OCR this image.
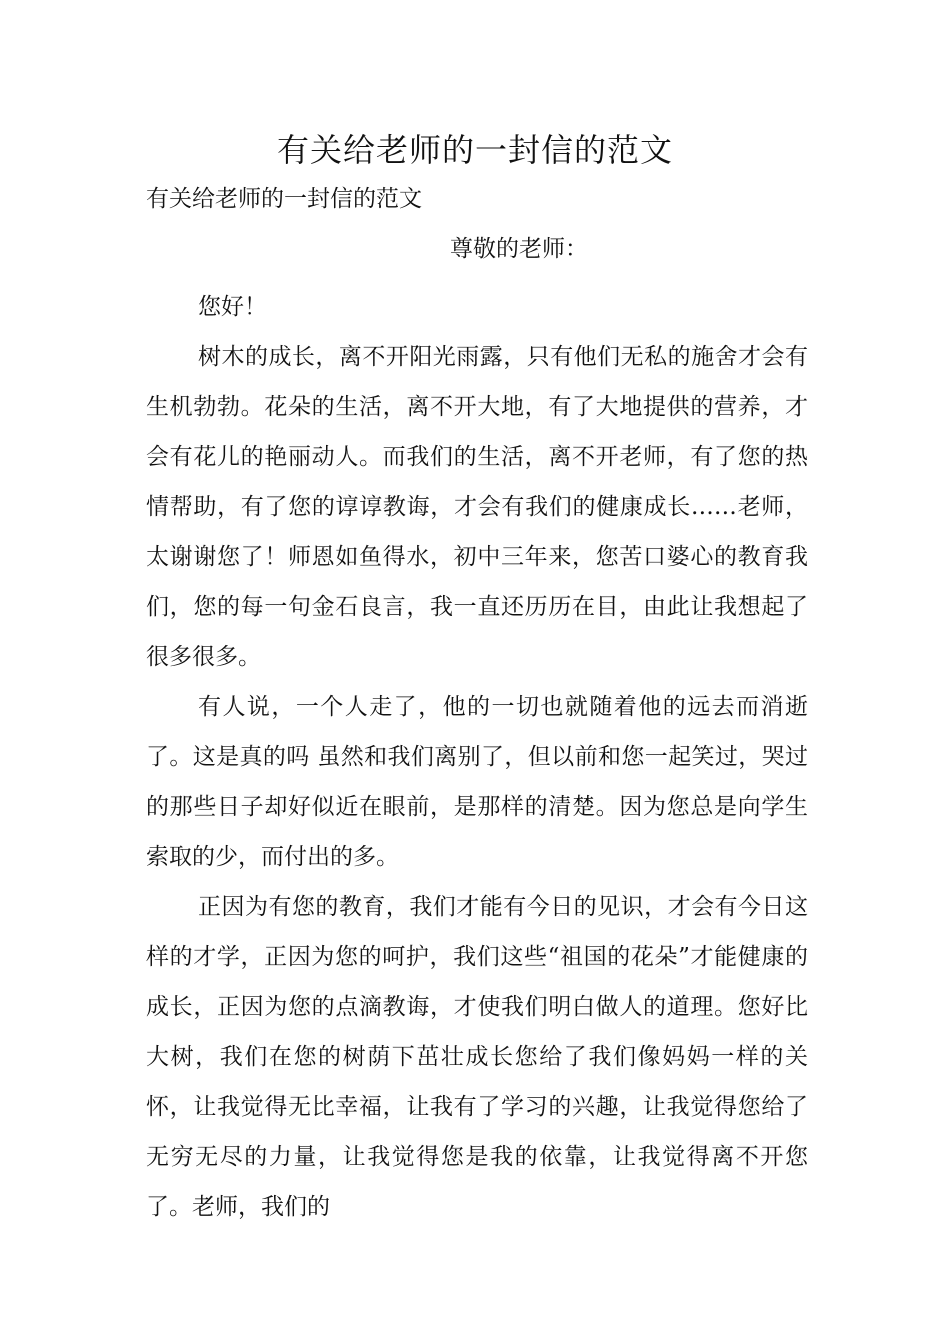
有关给老师的一封信的范文

有关给老师的一封信的范文

尊敬的老师：

您好！

树木的成长，离不开阳光雨露，只有他们无私的施舍才会有生机勃勃。花朵的生活，离不开大地，有了大地提供的营养，才会有花儿的艳丽动人。而我们的生活，离不开老师，有了您的热情帮助，有了您的谆谆教诲，才会有我们的健康成长……老师，太谢谢您了！师恩如鱼得水，初中三年来，您苦口婆心的教育我们，您的每一句金石良言，我一直还历历在目，由此让我想起了很多很多。

有人说，一个人走了，他的一切也就随着他的远去而消逝了。这是真的吗 虽然和我们离别了，但以前和您一起笑过，哭过的那些日子却好似近在眼前，是那样的清楚。因为您总是向学生索取的少，而付出的多。

正因为有您的教育，我们才能有今日的见识，才会有今日这样的才学，正因为您的呵护，我们这些“祖国的花朵”才能健康的成长，正因为您的点滴教诲，才使我们明白做人的道理。您好比大树，我们在您的树荫下茁壮成长您给了我们像妈妈一样的关怀，让我觉得无比幸福，让我有了学习的兴趣，让我觉得您给了无穷无尽的力量，让我觉得您是我的依靠，让我觉得离不开您了。老师，我们的
